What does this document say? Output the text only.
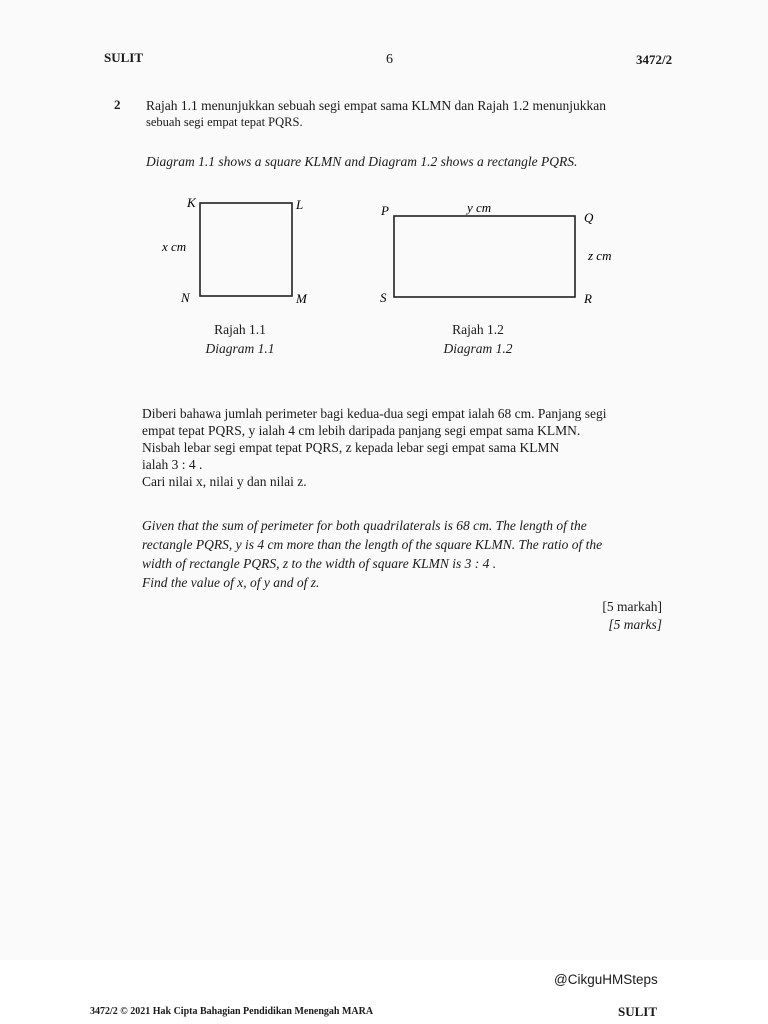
SULIT	6	3472/2
2 Rajah 1.1 menunjukkan sebuah segi empat sama KLMN dan Rajah 1.2 menunjukkan
sebuah segi empat tepat PQRS.
Diagram 1.1 shows a square KLMN and Diagram 1.2 shows a rectangle PQRS.
K	L
N	M
x cm
P	Q
S	R
y cm
z cm
Rajah 1.1
Diagram 1.1
Rajah 1.2
Diagram 1.2
Diberi bahawa jumlah perimeter bagi kedua-dua segi empat ialah 68 cm. Panjang segi
empat tepat PQRS, y ialah 4 cm lebih daripada panjang segi empat sama KLMN.
Nisbah lebar segi empat tepat PQRS, z kepada lebar segi empat sama KLMN
ialah 3 : 4 .
Cari nilai x, nilai y dan nilai z.
Given that the sum of perimeter for both quadrilaterals is 68 cm. The length of the
rectangle PQRS, y is 4 cm more than the length of the square KLMN. The ratio of the
width of rectangle PQRS, z to the width of square KLMN is 3 : 4 .
Find the value of x, of y and of z.
[5 markah]
[5 marks]
@CikguHMSteps
3472/2 © 2021 Hak Cipta Bahagian Pendidikan Menengah MARA	SULIT
